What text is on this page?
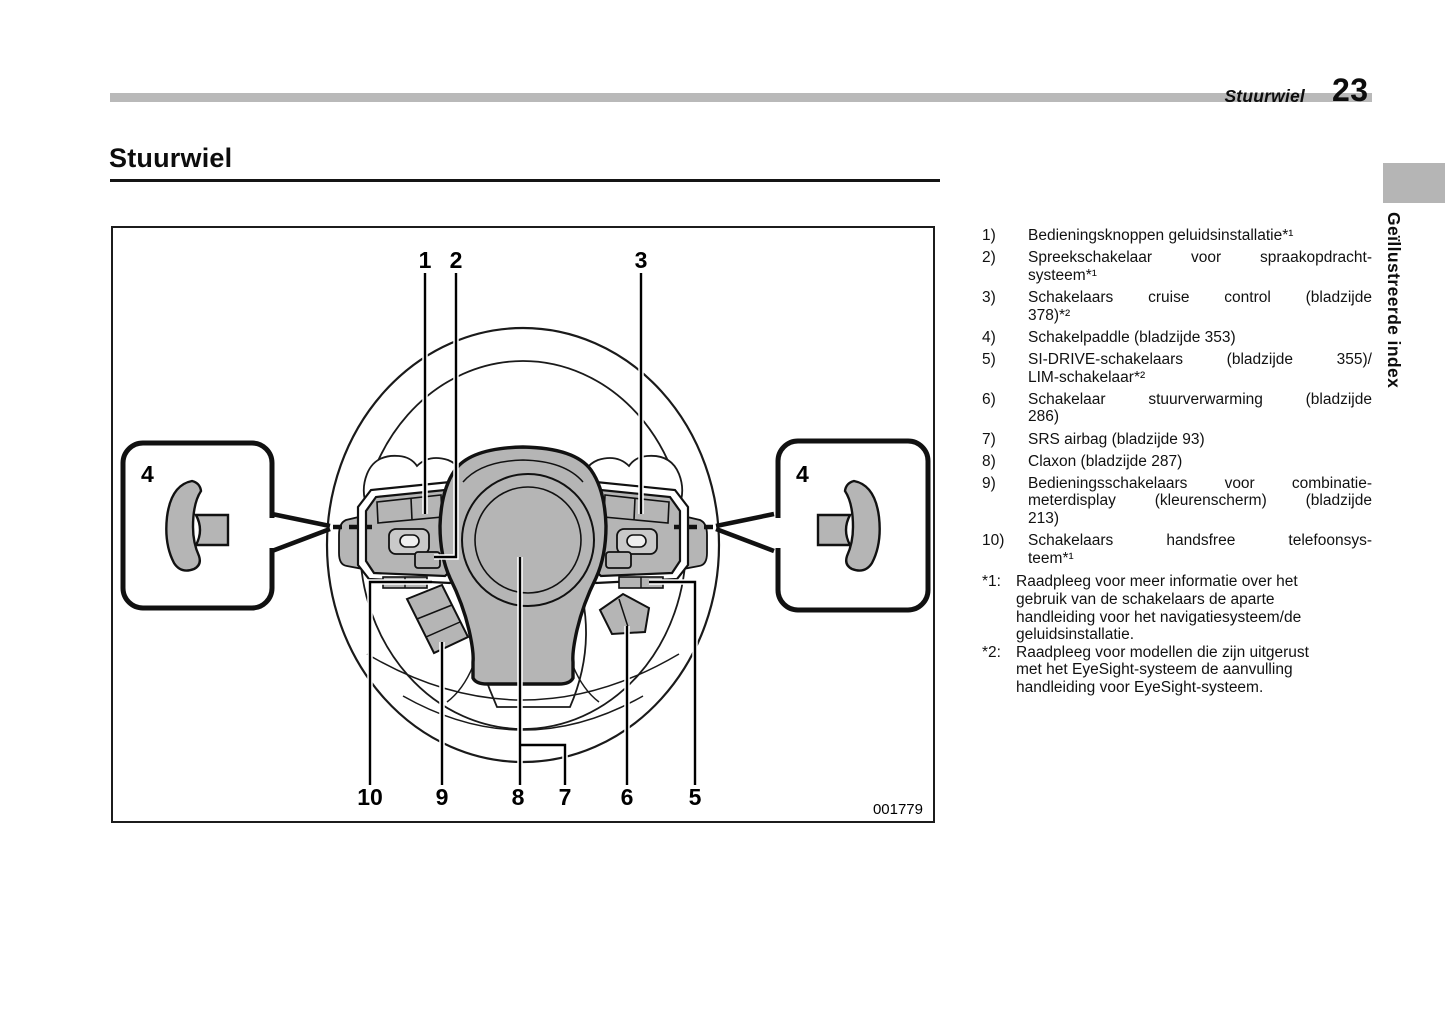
Stuurwiel 23
Stuurwiel
Geïllustreerde index
4	4
1 2	3
10 9	8 7 6 5	001779
1)	Bedieningsknoppen geluidsinstallatie*¹
2)	Spreekschakelaar voor spraakopdracht-
systeem*¹
3)	Schakelaars cruise control (bladzijde
378)*²
4)	Schakelpaddle (bladzijde 353)
5)	SI-DRIVE-schakelaars (bladzijde 355)/
LIM-schakelaar*²
6)	Schakelaar stuurverwarming (bladzijde
286)
7)	SRS airbag (bladzijde 93)
8)	Claxon (bladzijde 287)
9)	Bedieningsschakelaars voor combinatie-
meterdisplay (kleurenscherm) (bladzijde
213)
10)	Schakelaars handsfree telefoonsys-
teem*¹
*1: Raadpleeg voor meer informatie over het
gebruik van de schakelaars de aparte
handleiding voor het navigatiesysteem/de
geluidsinstallatie.
*2: Raadpleeg voor modellen die zijn uitgerust
met het EyeSight-systeem de aanvulling
handleiding voor EyeSight-systeem.
